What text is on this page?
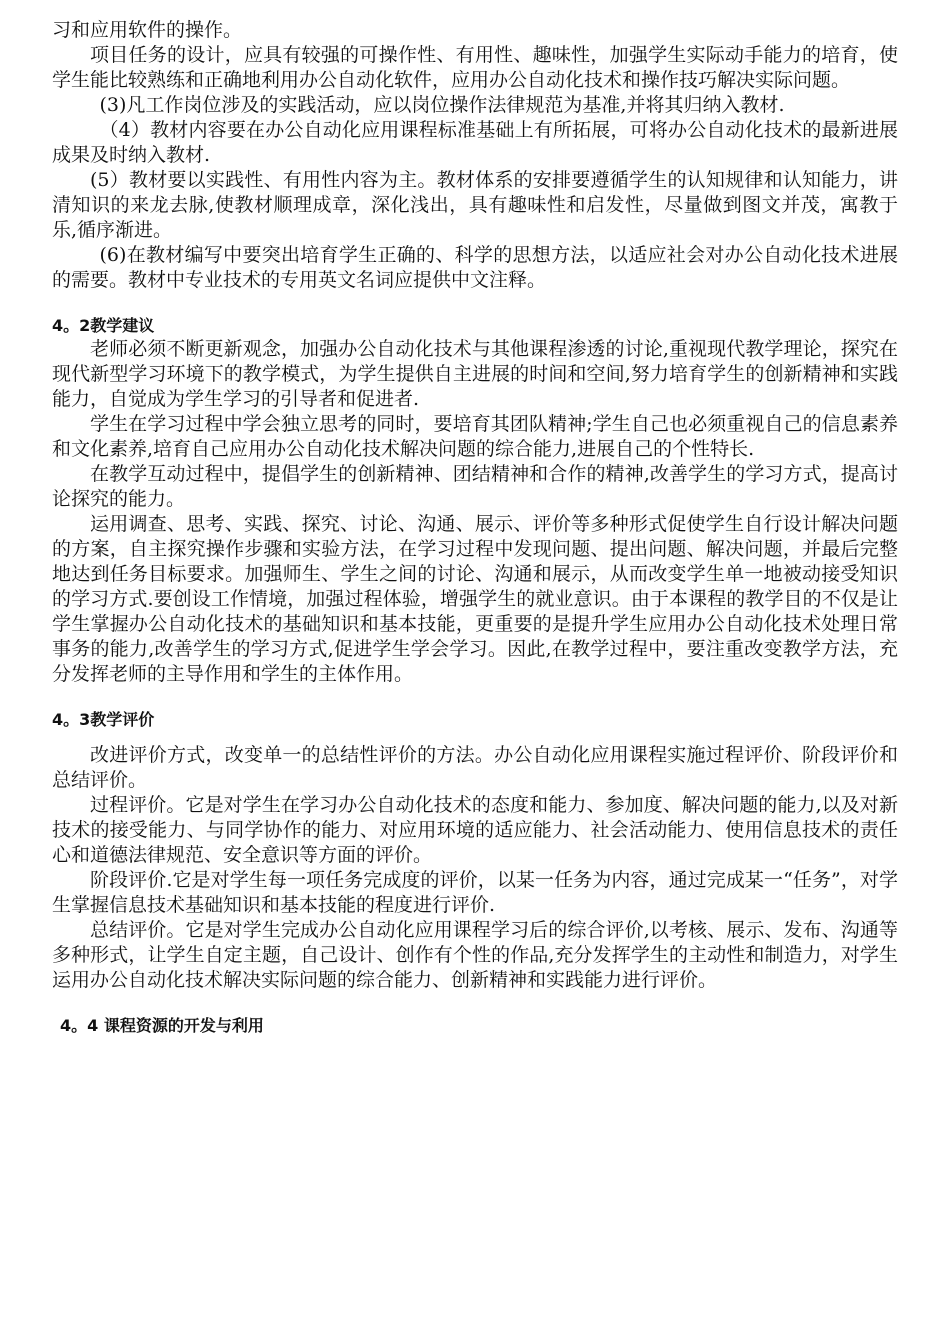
习和应用软件的操作。

项目任务的设计，应具有较强的可操作性、有用性、趣味性，加强学生实际动手能力的培育，使学生能比较熟练和正确地利用办公自动化软件，应用办公自动化技术和操作技巧解决实际问题。

(3)凡工作岗位涉及的实践活动，应以岗位操作法律规范为基准,并将其归纳入教材.

（4）教材内容要在办公自动化应用课程标准基础上有所拓展，可将办公自动化技术的最新进展成果及时纳入教材.

(5）教材要以实践性、有用性内容为主。教材体系的安排要遵循学生的认知规律和认知能力，讲清知识的来龙去脉,使教材顺理成章，深化浅出，具有趣味性和启发性，尽量做到图文并茂，寓教于乐,循序渐进。

(6)在教材编写中要突出培育学生正确的、科学的思想方法，以适应社会对办公自动化技术进展的需要。教材中专业技术的专用英文名词应提供中文注释。

4。2教学建议

老师必须不断更新观念，加强办公自动化技术与其他课程渗透的讨论,重视现代教学理论，探究在现代新型学习环境下的教学模式，为学生提供自主进展的时间和空间,努力培育学生的创新精神和实践能力，自觉成为学生学习的引导者和促进者.

学生在学习过程中学会独立思考的同时，要培育其团队精神;学生自己也必须重视自己的信息素养和文化素养,培育自己应用办公自动化技术解决问题的综合能力,进展自己的个性特长.

在教学互动过程中，提倡学生的创新精神、团结精神和合作的精神,改善学生的学习方式，提高讨论探究的能力。

运用调查、思考、实践、探究、讨论、沟通、展示、评价等多种形式促使学生自行设计解决问题的方案，自主探究操作步骤和实验方法，在学习过程中发现问题、提出问题、解决问题，并最后完整地达到任务目标要求。加强师生、学生之间的讨论、沟通和展示，从而改变学生单一地被动接受知识的学习方式.要创设工作情境，加强过程体验，增强学生的就业意识。由于本课程的教学目的不仅是让学生掌握办公自动化技术的基础知识和基本技能，更重要的是提升学生应用办公自动化技术处理日常事务的能力,改善学生的学习方式,促进学生学会学习。因此,在教学过程中，要注重改变教学方法，充分发挥老师的主导作用和学生的主体作用。

4。3教学评价

改进评价方式，改变单一的总结性评价的方法。办公自动化应用课程实施过程评价、阶段评价和总结评价。

过程评价。它是对学生在学习办公自动化技术的态度和能力、参加度、解决问题的能力,以及对新技术的接受能力、与同学协作的能力、对应用环境的适应能力、社会活动能力、使用信息技术的责任心和道德法律规范、安全意识等方面的评价。

阶段评价.它是对学生每一项任务完成度的评价，以某一任务为内容，通过完成某一“任务”，对学生掌握信息技术基础知识和基本技能的程度进行评价.

总结评价。它是对学生完成办公自动化应用课程学习后的综合评价,以考核、展示、发布、沟通等多种形式，让学生自定主题，自己设计、创作有个性的作品,充分发挥学生的主动性和制造力，对学生运用办公自动化技术解决实际问题的综合能力、创新精神和实践能力进行评价。

4。4 课程资源的开发与利用
